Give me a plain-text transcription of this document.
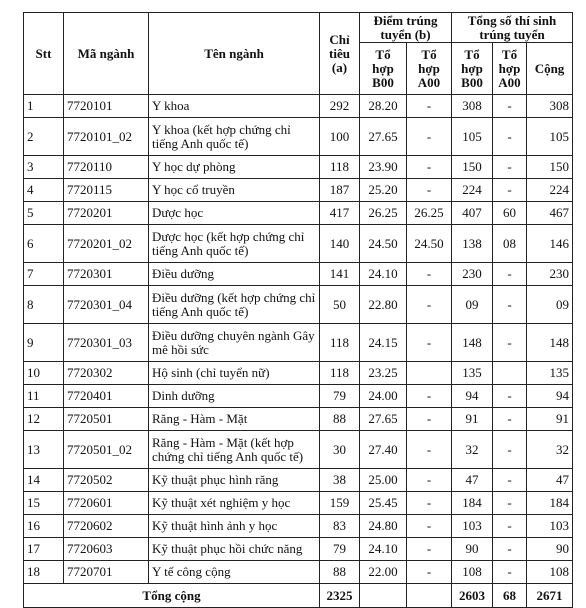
Stt	Mã ngành	Tên ngành	Chỉ tiêu (a)	Điểm trúng tuyển (b)		Tổng số thí sinh trúng tuyển		
				Tổ hợp B00	Tổ hợp A00	Tổ hợp B00	Tổ hợp A00	Cộng
1	7720101	Y khoa	292	28.20	-	308	-	308
2	7720101_02	Y khoa (kết hợp chứng chỉ tiếng Anh quốc tế)	100	27.65	-	105	-	105
3	7720110	Y học dự phòng	118	23.90	-	150	-	150
4	7720115	Y học cổ truyền	187	25.20	-	224	-	224
5	7720201	Dược học	417	26.25	26.25	407	60	467
6	7720201_02	Dược học (kết hợp chứng chỉ tiếng Anh quốc tế)	140	24.50	24.50	138	08	146
7	7720301	Điều dưỡng	141	24.10	-	230	-	230
8	7720301_04	Điều dưỡng (kết hợp chứng chỉ tiếng Anh quốc tế)	50	22.80	-	09	-	09
9	7720301_03	Điều dưỡng chuyên ngành Gây mê hồi sức	118	24.15	-	148	-	148
10	7720302	Hộ sinh (chỉ tuyển nữ)	118	23.25		135		135
11	7720401	Dinh dưỡng	79	24.00	-	94	-	94
12	7720501	Răng - Hàm - Mặt	88	27.65	-	91	-	91
13	7720501_02	Răng - Hàm - Mặt (kết hợp chứng chỉ tiếng Anh quốc tế)	30	27.40	-	32	-	32
14	7720502	Kỹ thuật phục hình răng	38	25.00	-	47	-	47
15	7720601	Kỹ thuật xét nghiệm y học	159	25.45	-	184	-	184
16	7720602	Kỹ thuật hình ảnh y học	83	24.80	-	103	-	103
17	7720603	Kỹ thuật phục hồi chức năng	79	24.10	-	90	-	90
18	7720701	Y tế công cộng	88	22.00	-	108	-	108
Tổng cộng			2325			2603	68	2671
